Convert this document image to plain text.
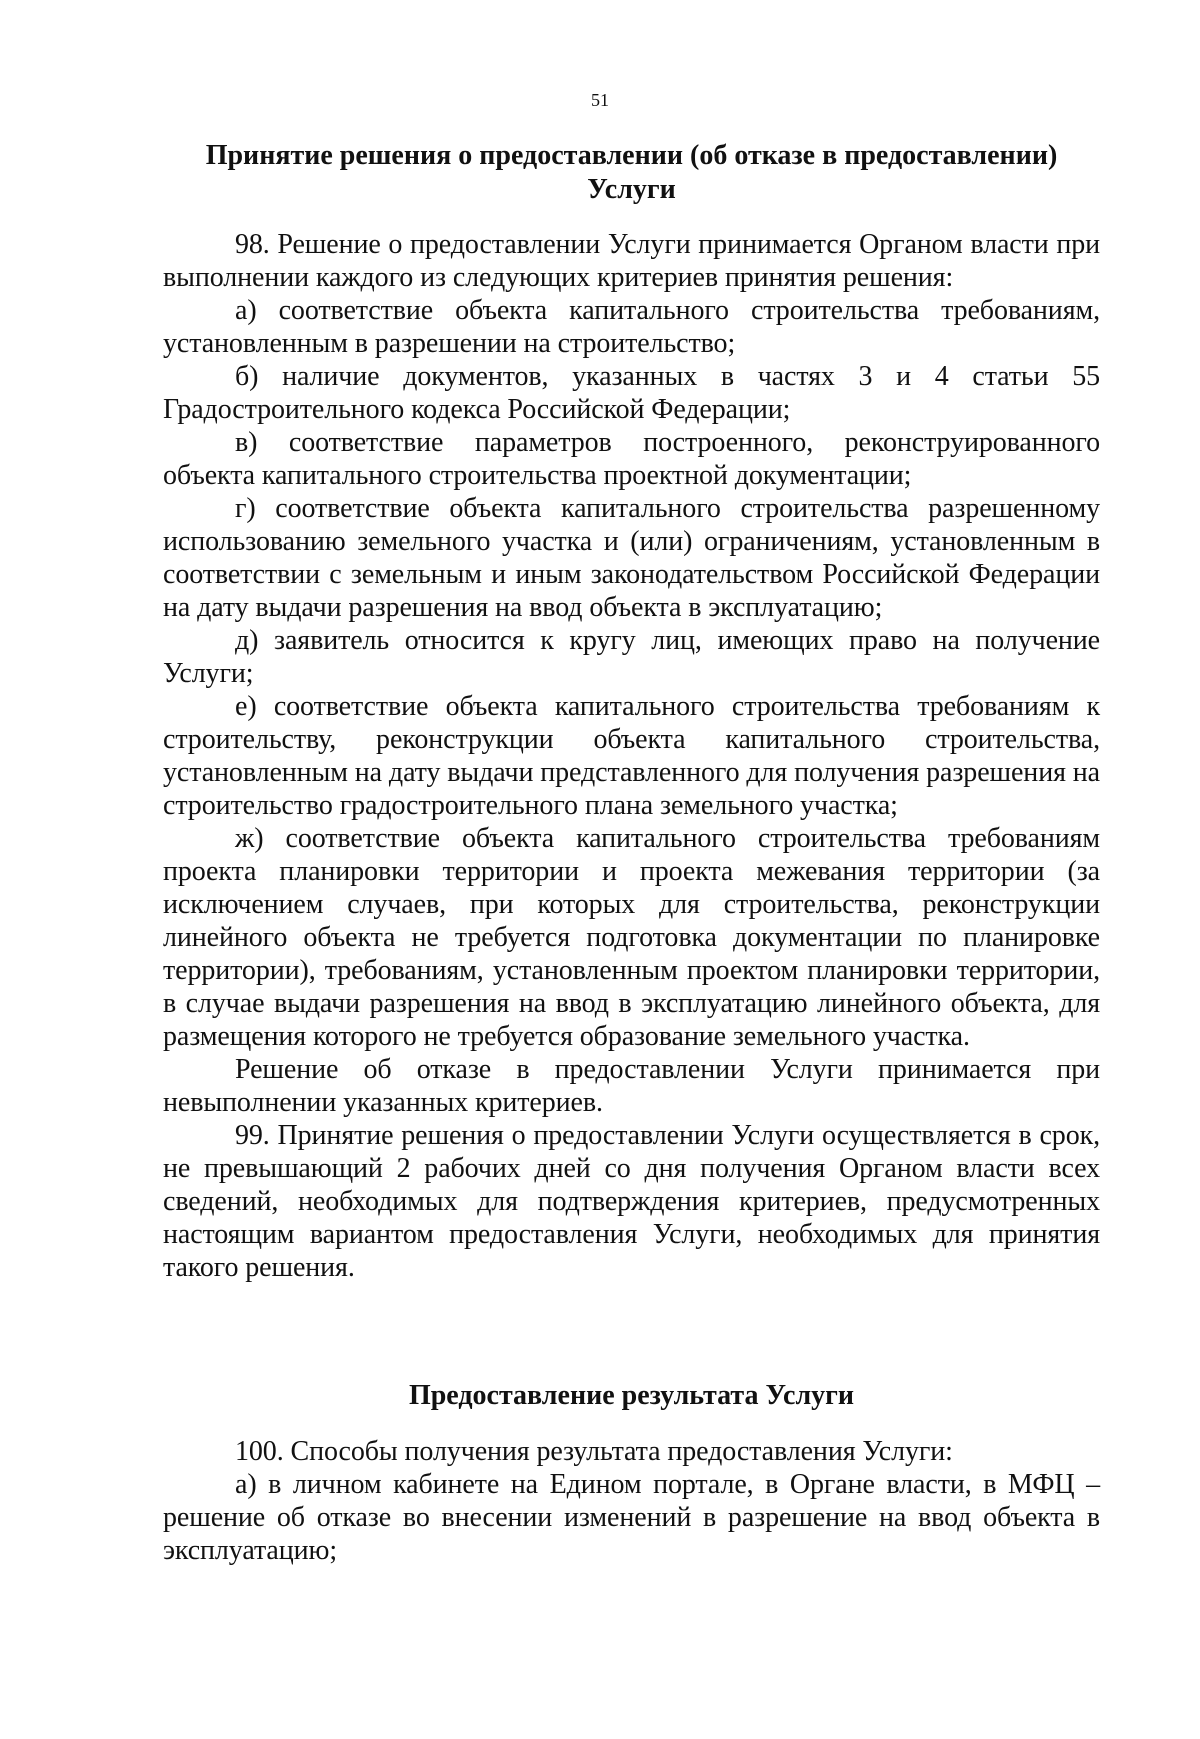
51
Принятие решения о предоставлении (об отказе в предоставлении) Услуги

98. Решение о предоставлении Услуги принимается Органом власти при выполнении каждого из следующих критериев принятия решения:

а) соответствие объекта капитального строительства требованиям, установленным в разрешении на строительство;

б) наличие документов, указанных в частях 3 и 4 статьи 55 Градостроительного кодекса Российской Федерации;

в) соответствие параметров построенного, реконструированного объекта капитального строительства проектной документации;

г) соответствие объекта капитального строительства разрешенному использованию земельного участка и (или) ограничениям, установленным в соответствии с земельным и иным законодательством Российской Федерации на дату выдачи разрешения на ввод объекта в эксплуатацию;

д) заявитель относится к кругу лиц, имеющих право на получение Услуги;

е) соответствие объекта капитального строительства требованиям к строительству, реконструкции объекта капитального строительства, установленным на дату выдачи представленного для получения разрешения на строительство градостроительного плана земельного участка;

ж) соответствие объекта капитального строительства требованиям проекта планировки территории и проекта межевания территории (за исключением случаев, при которых для строительства, реконструкции линейного объекта не требуется подготовка документации по планировке территории), требованиям, установленным проектом планировки территории, в случае выдачи разрешения на ввод в эксплуатацию линейного объекта, для размещения которого не требуется образование земельного участка.

Решение об отказе в предоставлении Услуги принимается при невыполнении указанных критериев.

99. Принятие решения о предоставлении Услуги осуществляется в срок, не превышающий 2 рабочих дней со дня получения Органом власти всех сведений, необходимых для подтверждения критериев, предусмотренных настоящим вариантом предоставления Услуги, необходимых для принятия такого решения.

Предоставление результата Услуги

100. Способы получения результата предоставления Услуги:

а) в личном кабинете на Едином портале, в Органе власти, в МФЦ – решение об отказе во внесении изменений в разрешение на ввод объекта в эксплуатацию;
